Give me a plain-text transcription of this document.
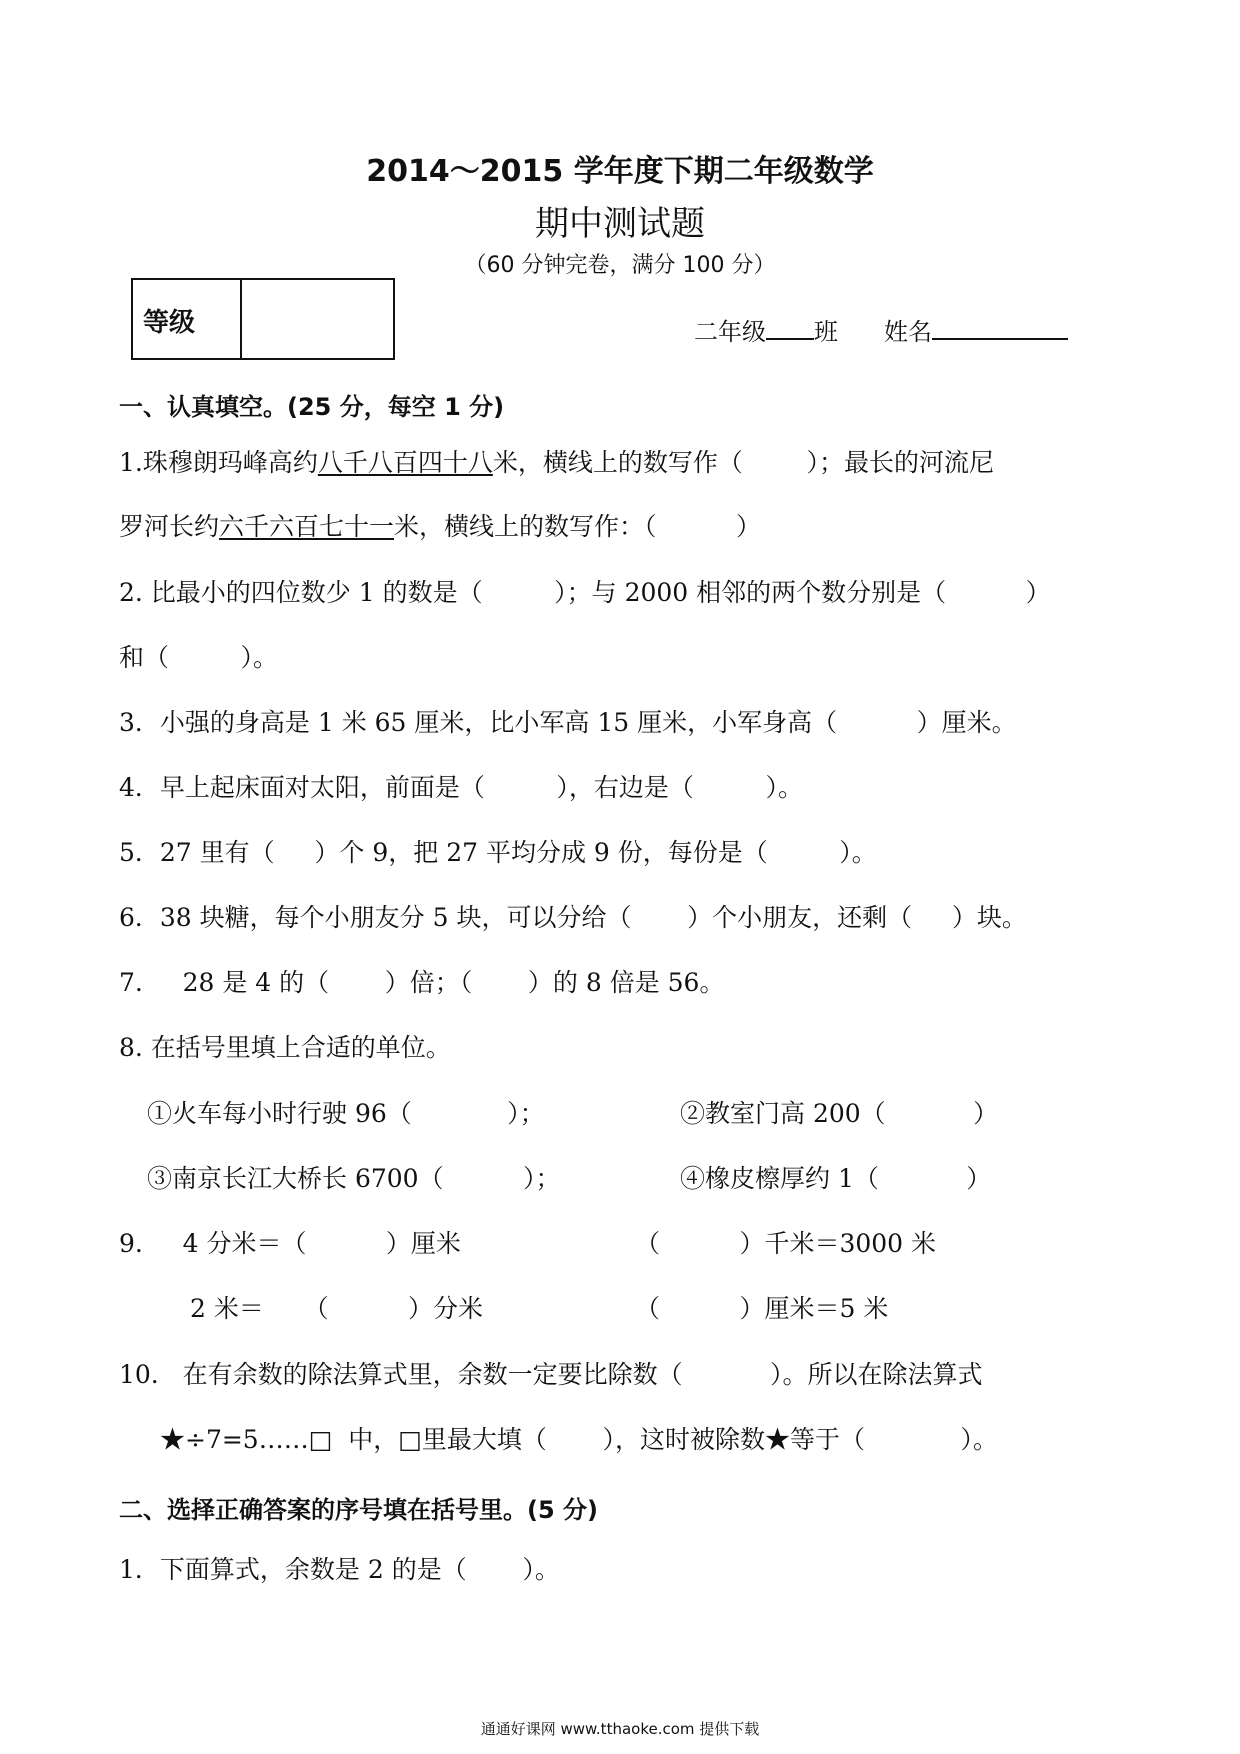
2014～2015 学年度下期二年级数学
期中测试题
（60 分钟完卷，满分 100 分）
等级	二年级 班 姓名
一、认真填空。(25 分，每空 1 分)
1.珠穆朗玛峰高约八千八百四十八米，横线上的数写作（        ）；最长的河流尼
罗河长约六千六百七十一米，横线上的数写作：（          ）
2. 比最小的四位数少 1 的数是（         ）；与 2000 相邻的两个数分别是（          ）
和（         ）。
3．小强的身高是 1 米 65 厘米，比小军高 15 厘米，小军身高（          ）厘米。
4．早上起床面对太阳，前面是（         ），右边是（         ）。
5．27 里有（     ）个 9，把 27 平均分成 9 份，每份是（         ）。
6．38 块糖，每个小朋友分 5 块，可以分给（       ）个小朋友，还剩（     ）块。
7.     28 是 4 的（       ）倍；（       ）的 8 倍是 56。
8. 在括号里填上合适的单位。
①火车每小时行驶 96（            ）；	②教室门高 200（           ）
③南京长江大桥长 6700（          ）；	④橡皮檫厚约 1（           ）
9.     4 分米＝（          ）厘米	（          ）千米＝3000 米
2 米＝     （          ）分米	（          ）厘米＝5 米
10.   在有余数的除法算式里，余数一定要比除数（           ）。所以在除法算式
★÷7=5……□  中，□里最大填（       ），这时被除数★等于（            ）。
二、选择正确答案的序号填在括号里。(5 分)
1．下面算式，余数是 2 的是（       ）。
通通好课网 www.tthaoke.com 提供下载
